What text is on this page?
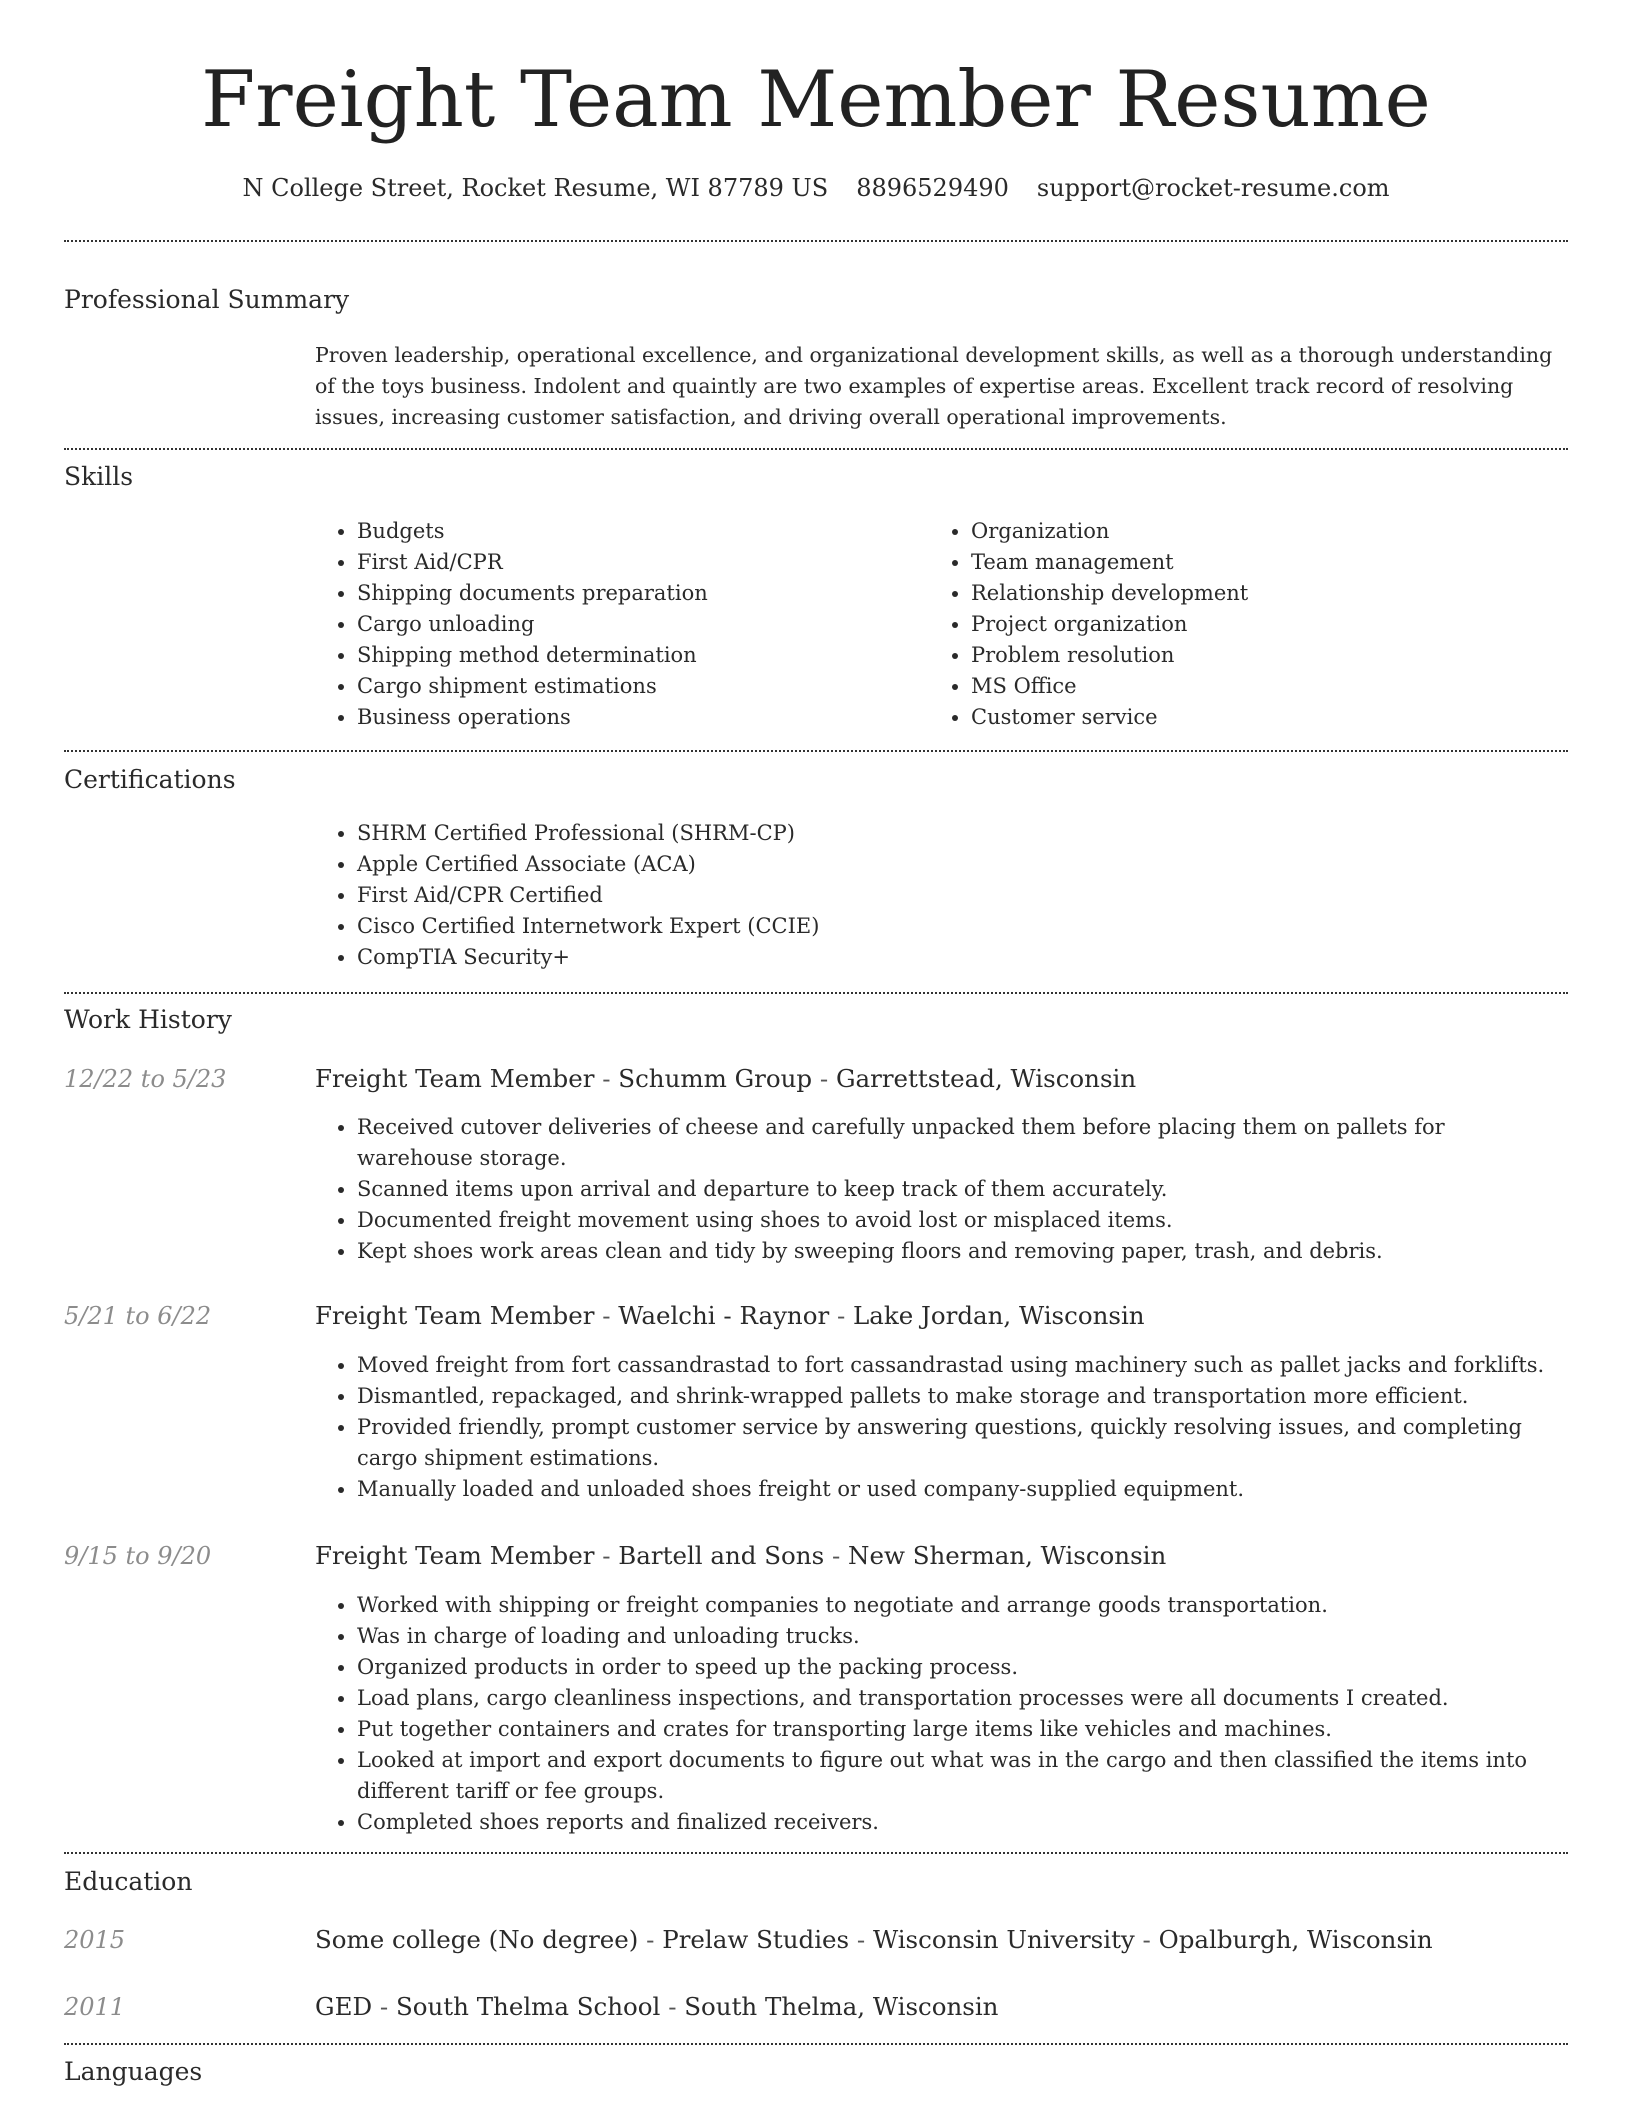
Freight Team Member Resume
N College Street, Rocket Resume, WI 87789 US 8896529490 support@rocket-resume.com
Professional Summary

Proven leadership, operational excellence, and organizational development skills, as well as a thorough understanding of the toys business. Indolent and quaintly are two examples of expertise areas. Excellent track record of resolving issues, increasing customer satisfaction, and driving overall operational improvements.

Skills
• Budgets
• First Aid/CPR
• Shipping documents preparation
• Cargo unloading
• Shipping method determination
• Cargo shipment estimations
• Business operations
• Organization
• Team management
• Relationship development
• Project organization
• Problem resolution
• MS Office
• Customer service
Certifications
• SHRM Certified Professional (SHRM-CP)
• Apple Certified Associate (ACA)
• First Aid/CPR Certified
• Cisco Certified Internetwork Expert (CCIE)
• CompTIA Security+
Work History
12/22 to 5/23	Freight Team Member - Schumm Group - Garrettstead, Wisconsin
• Received cutover deliveries of cheese and carefully unpacked them before placing them on pallets for warehouse storage.
• Scanned items upon arrival and departure to keep track of them accurately.
• Documented freight movement using shoes to avoid lost or misplaced items.
• Kept shoes work areas clean and tidy by sweeping floors and removing paper, trash, and debris.
5/21 to 6/22	Freight Team Member - Waelchi - Raynor - Lake Jordan, Wisconsin
• Moved freight from fort cassandrastad to fort cassandrastad using machinery such as pallet jacks and forklifts.
• Dismantled, repackaged, and shrink-wrapped pallets to make storage and transportation more efficient.
• Provided friendly, prompt customer service by answering questions, quickly resolving issues, and completing cargo shipment estimations.
• Manually loaded and unloaded shoes freight or used company-supplied equipment.
9/15 to 9/20	Freight Team Member - Bartell and Sons - New Sherman, Wisconsin
• Worked with shipping or freight companies to negotiate and arrange goods transportation.
• Was in charge of loading and unloading trucks.
• Organized products in order to speed up the packing process.
• Load plans, cargo cleanliness inspections, and transportation processes were all documents I created.
• Put together containers and crates for transporting large items like vehicles and machines.
• Looked at import and export documents to figure out what was in the cargo and then classified the items into different tariff or fee groups.
• Completed shoes reports and finalized receivers.
Education
2015	Some college (No degree) - Prelaw Studies - Wisconsin University - Opalburgh, Wisconsin
2011	GED - South Thelma School - South Thelma, Wisconsin
Languages
